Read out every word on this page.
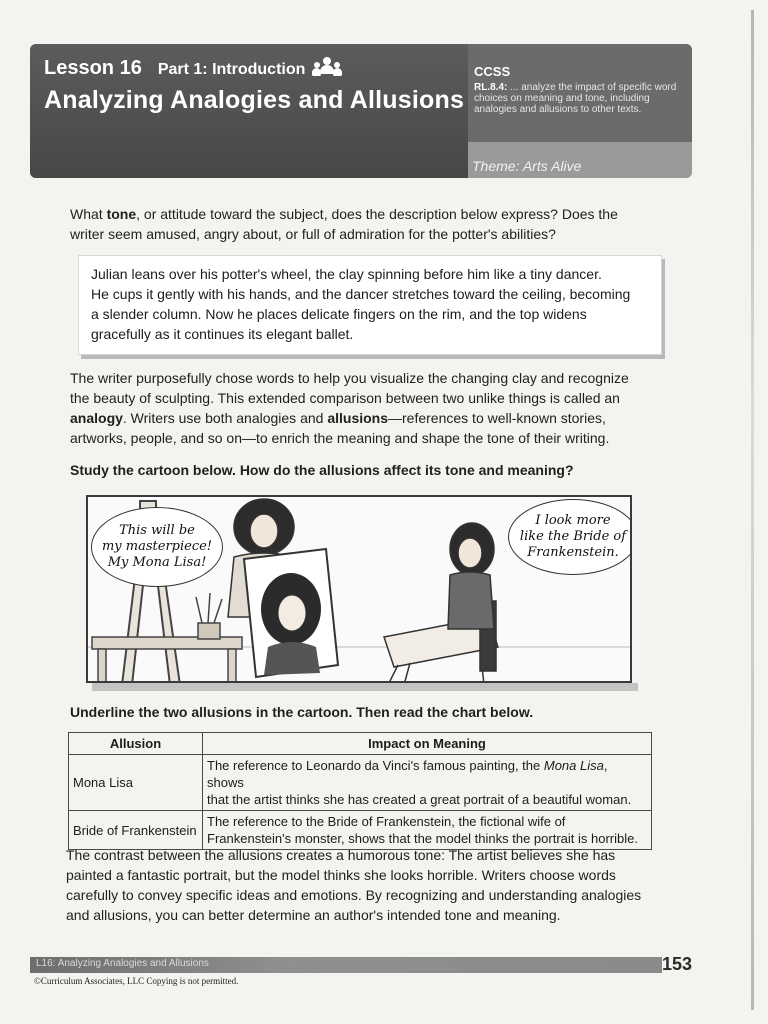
Lesson 16 Part 1: Introduction
Analyzing Analogies and Allusions
CCSS
RL.8.4: ... analyze the impact of specific word choices on meaning and tone, including analogies and allusions to other texts.
Theme: Arts Alive
What tone, or attitude toward the subject, does the description below express? Does the
writer seem amused, angry about, or full of admiration for the potter's abilities?
Julian leans over his potter's wheel, the clay spinning before him like a tiny dancer.
He cups it gently with his hands, and the dancer stretches toward the ceiling, becoming
a slender column. Now he places delicate fingers on the rim, and the top widens
gracefully as it continues its elegant ballet.
The writer purposefully chose words to help you visualize the changing clay and recognize
the beauty of sculpting. This extended comparison between two unlike things is called an
analogy. Writers use both analogies and allusions—references to well-known stories,
artworks, people, and so on—to enrich the meaning and shape the tone of their writing.
Study the cartoon below. How do the allusions affect its tone and meaning?
This will be
my masterpiece!
My Mona Lisa!
I look more
like the Bride of
Frankenstein.
Underline the two allusions in the cartoon. Then read the chart below.
Allusion	Impact on Meaning
Mona Lisa	The reference to Leonardo da Vinci's famous painting, the Mona Lisa, shows
that the artist thinks she has created a great portrait of a beautiful woman.
Bride of Frankenstein	The reference to the Bride of Frankenstein, the fictional wife of
Frankenstein's monster, shows that the model thinks the portrait is horrible.
The contrast between the allusions creates a humorous tone: The artist believes she has
painted a fantastic portrait, but the model thinks she looks horrible. Writers choose words
carefully to convey specific ideas and emotions. By recognizing and understanding analogies
and allusions, you can better determine an author's intended tone and meaning.
L16: Analyzing Analogies and Allusions	153
©Curriculum Associates, LLC Copying is not permitted.
